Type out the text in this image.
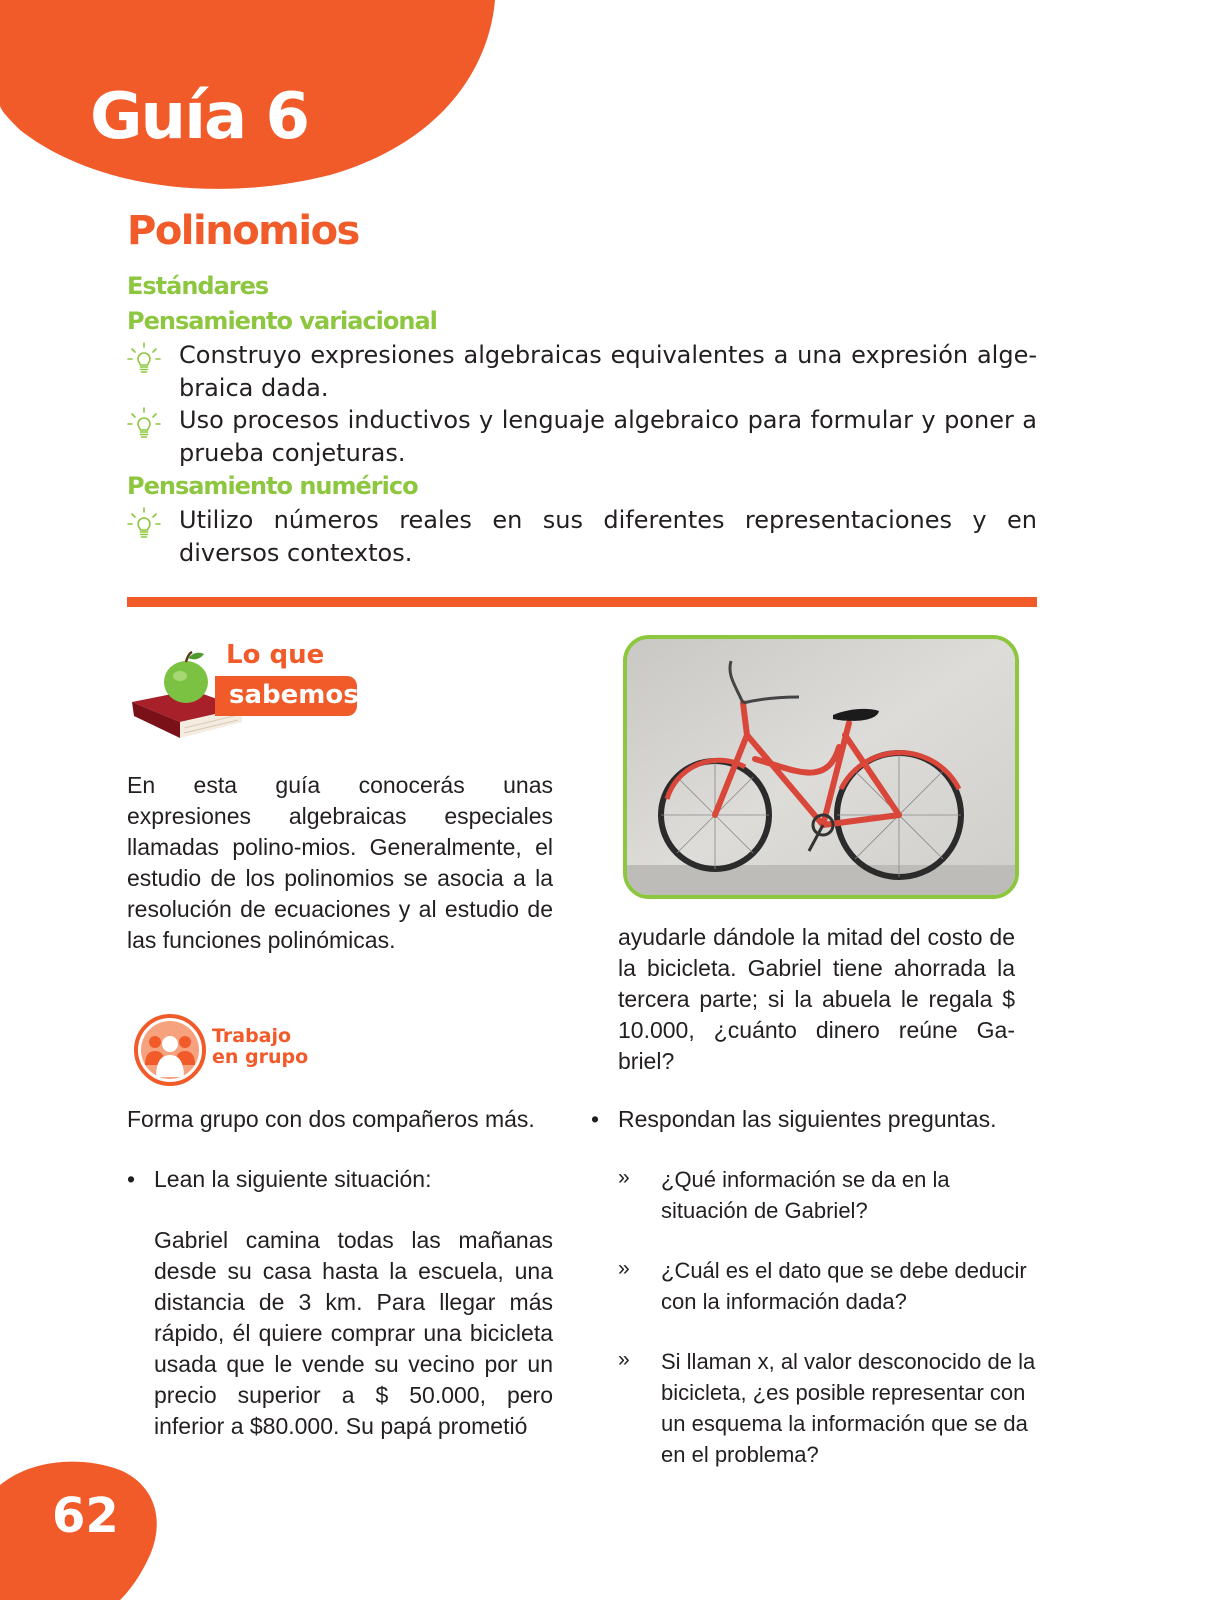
Guía 6
Polinomios
Estándares
Pensamiento variacional
Construyo expresiones algebraicas equivalentes a una expresión alge-braica dada.
Uso procesos inductivos y lenguaje algebraico para formular y poner a prueba conjeturas.
Pensamiento numérico
Utilizo números reales en sus diferentes representaciones y en diversos contextos.
Lo que
sabemos

En esta guía conocerás unas expresiones algebraicas especiales llamadas polino-mios. Generalmente, el estudio de los polinomios se asocia a la resolución de ecuaciones y al estudio de las funciones polinómicas.

Trabajo
en grupo

Forma grupo con dos compañeros más.

• Lean la siguiente situación:

Gabriel camina todas las mañanas desde su casa hasta la escuela, una distancia de 3 km. Para llegar más rápido, él quiere comprar una bicicleta usada que le vende su vecino por un precio superior a $ 50.000, pero inferior a $80.000. Su papá prometió

ayudarle dándole la mitad del costo de la bicicleta. Gabriel tiene ahorrada la tercera parte; si la abuela le regala $ 10.000, ¿cuánto dinero reúne Ga-briel?

• Respondan las siguientes preguntas.

» ¿Qué información se da en la situación de Gabriel?

» ¿Cuál es el dato que se debe deducir con la información dada?

» Si llaman x, al valor desconocido de la bicicleta, ¿es posible representar con un esquema la información que se da en el problema?

62
